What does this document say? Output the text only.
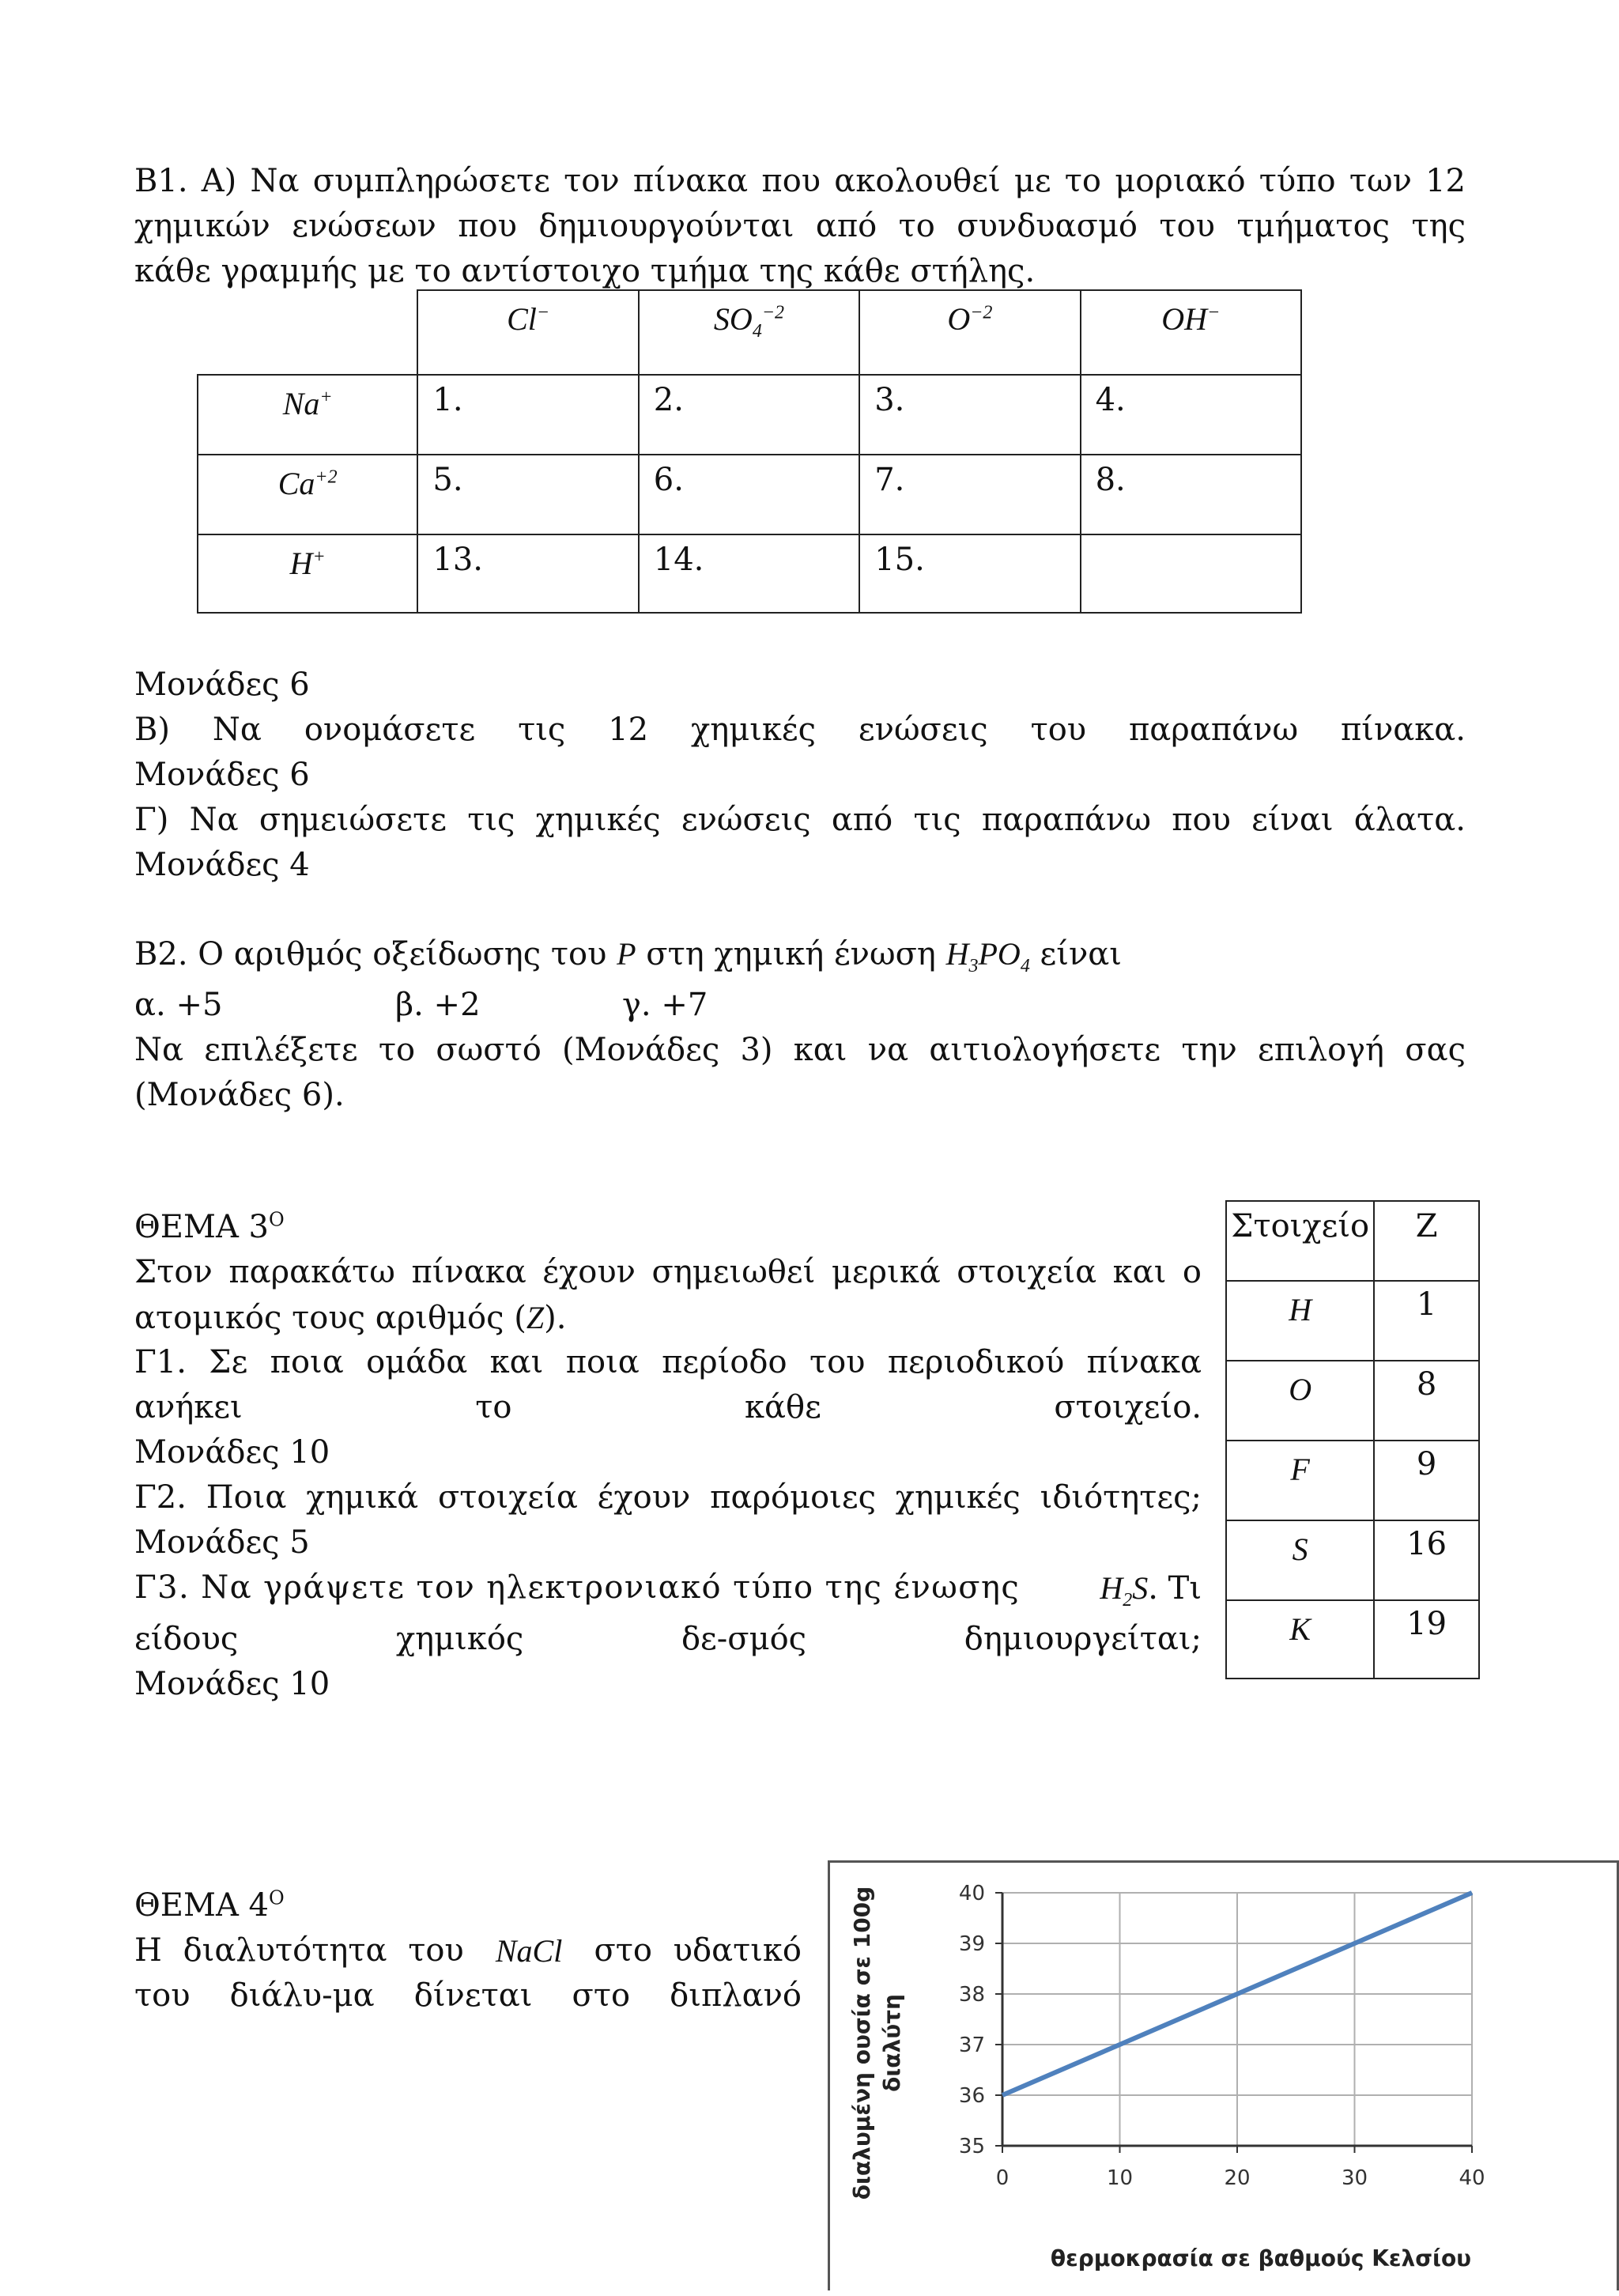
Β1. Α) Να συμπληρώσετε τον πίνακα που ακολουθεί με το μοριακό τύπο των 12
χημικών ενώσεων που δημιουργούνται από το συνδυασμό του τμήματος της
κάθε γραμμής με το αντίστοιχο τμήμα της κάθε στήλης.
	Cl−	$SO_4^{-2}$	$O^{-2}$	OH−
Na+	1.	2.	3.	4.
$Ca^{+2}$	5.	6.	7.	8.
H+	13.	14.	15.	
Μονάδες 6
Β) Να ονομάσετε τις 12 χημικές ενώσεις του παραπάνω πίνακα.
Μονάδες 6
Γ) Να σημειώσετε τις χημικές ενώσεις από τις παραπάνω που είναι άλατα.
Μονάδες 4
Β2. Ο αριθμός οξείδωσης του P στη χημική ένωση $H_3PO_4$ είναι
α. +5	β. +2	γ. +7
Να επιλέξετε το σωστό (Μονάδες 3) και να αιτιολογήσετε την επιλογή σας
(Μονάδες 6).
ΘΕΜΑ $3^O$
Στον παρακάτω πίνακα έχουν σημειωθεί μερικά στοιχεία και ο
ατομικός τους αριθμός (Z).
Γ1. Σε ποια ομάδα και ποια περίοδο του περιοδικού πίνακα
ανήκει το κάθε στοιχείο.
Μονάδες 10
Γ2. Ποια χημικά στοιχεία έχουν παρόμοιες χημικές ιδιότητες;
Μονάδες 5
Γ3. Να γράψετε τον ηλεκτρονιακό τύπο της ένωσης	$H_2S$. Τι
είδους χημικός δε-σμός δημιουργείται;
Μονάδες 10
Στοιχείο	Z
H	1
O	8
F	9
S	16
K	19
ΘΕΜΑ $4^O$
Η διαλυτότητα του NaCl στο υδατικό
του διάλυ-μα δίνεται στο διπλανό
35
36
37
38
39
40
0	10	20	30	40
θερμοκρασία σε βαθμούς Κελσίου
διαλυμένη ουσία σε 100g διαλύτη
